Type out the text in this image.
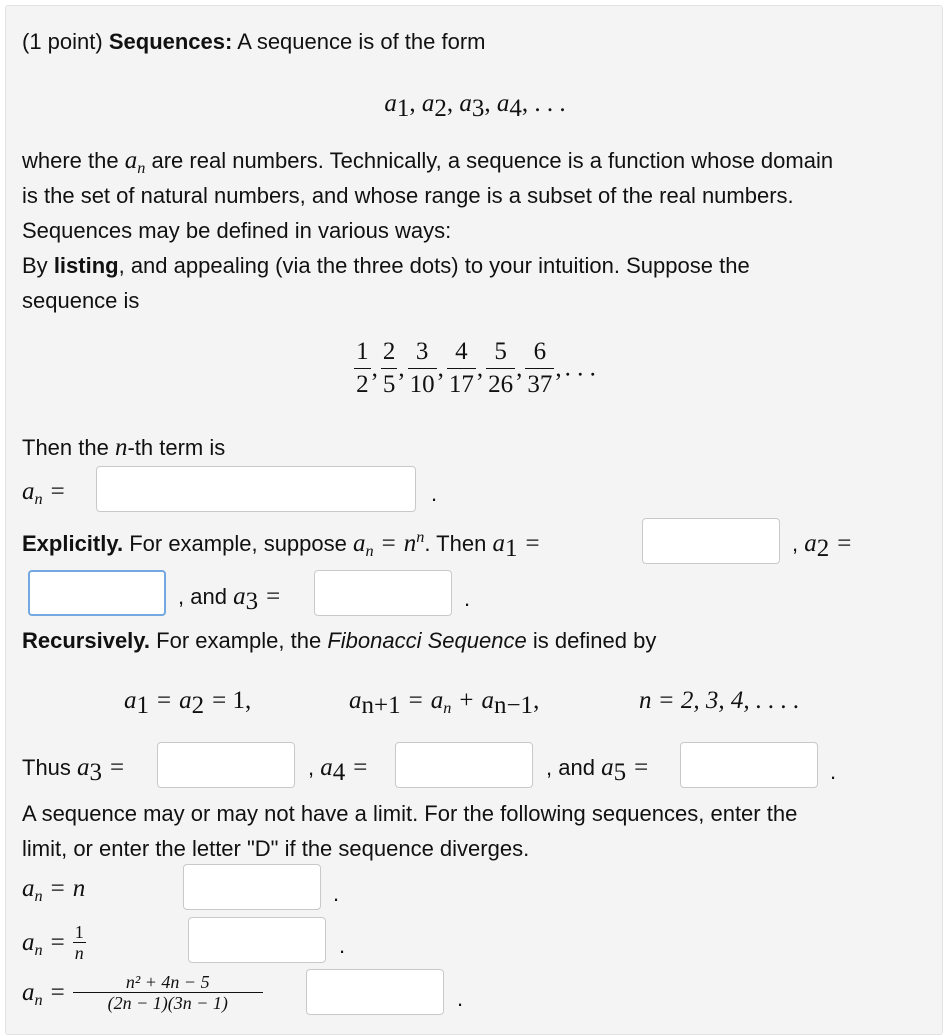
(1 point) Sequences: A sequence is of the form
$a_1$, $a_2$, $a_3$, $a_4$, . . .
where the $a_n$ are real numbers. Technically, a sequence is a function whose domain
is the set of natural numbers, and whose range is a subset of the real numbers.
Sequences may be defined in various ways:
By listing, and appealing (via the three dots) to your intuition. Suppose the
sequence is
$\frac{1}{2}$ , $\frac{2}{5}$ , $\frac{3}{10}$ , $\frac{4}{17}$ , $\frac{5}{26}$ , $\frac{6}{37}$ , . . .
Then the n-th term is
$a_n$ =	.
Explicitly. For example, suppose $a_n = n^n$. Then $a_1$ =	, $a_2$ =
, and $a_3$ =	.
Recursively. For example, the Fibonacci Sequence is defined by
$a_1 = a_2 = 1$,	$a_{n+1} = a_n + a_{n-1}$,	n = 2, 3, 4, . . . .
Thus $a_3$ =	, $a_4$ =	, and $a_5$ =	.
A sequence may or may not have a limit. For the following sequences, enter the
limit, or enter the letter "D" if the sequence diverges.
$a_n = n$	.
$a_n = \frac{1}{n}$	.
$a_n = \frac{\text{n² + 4n − 5}}{(2n - 1)(3n - 1)}$	.
